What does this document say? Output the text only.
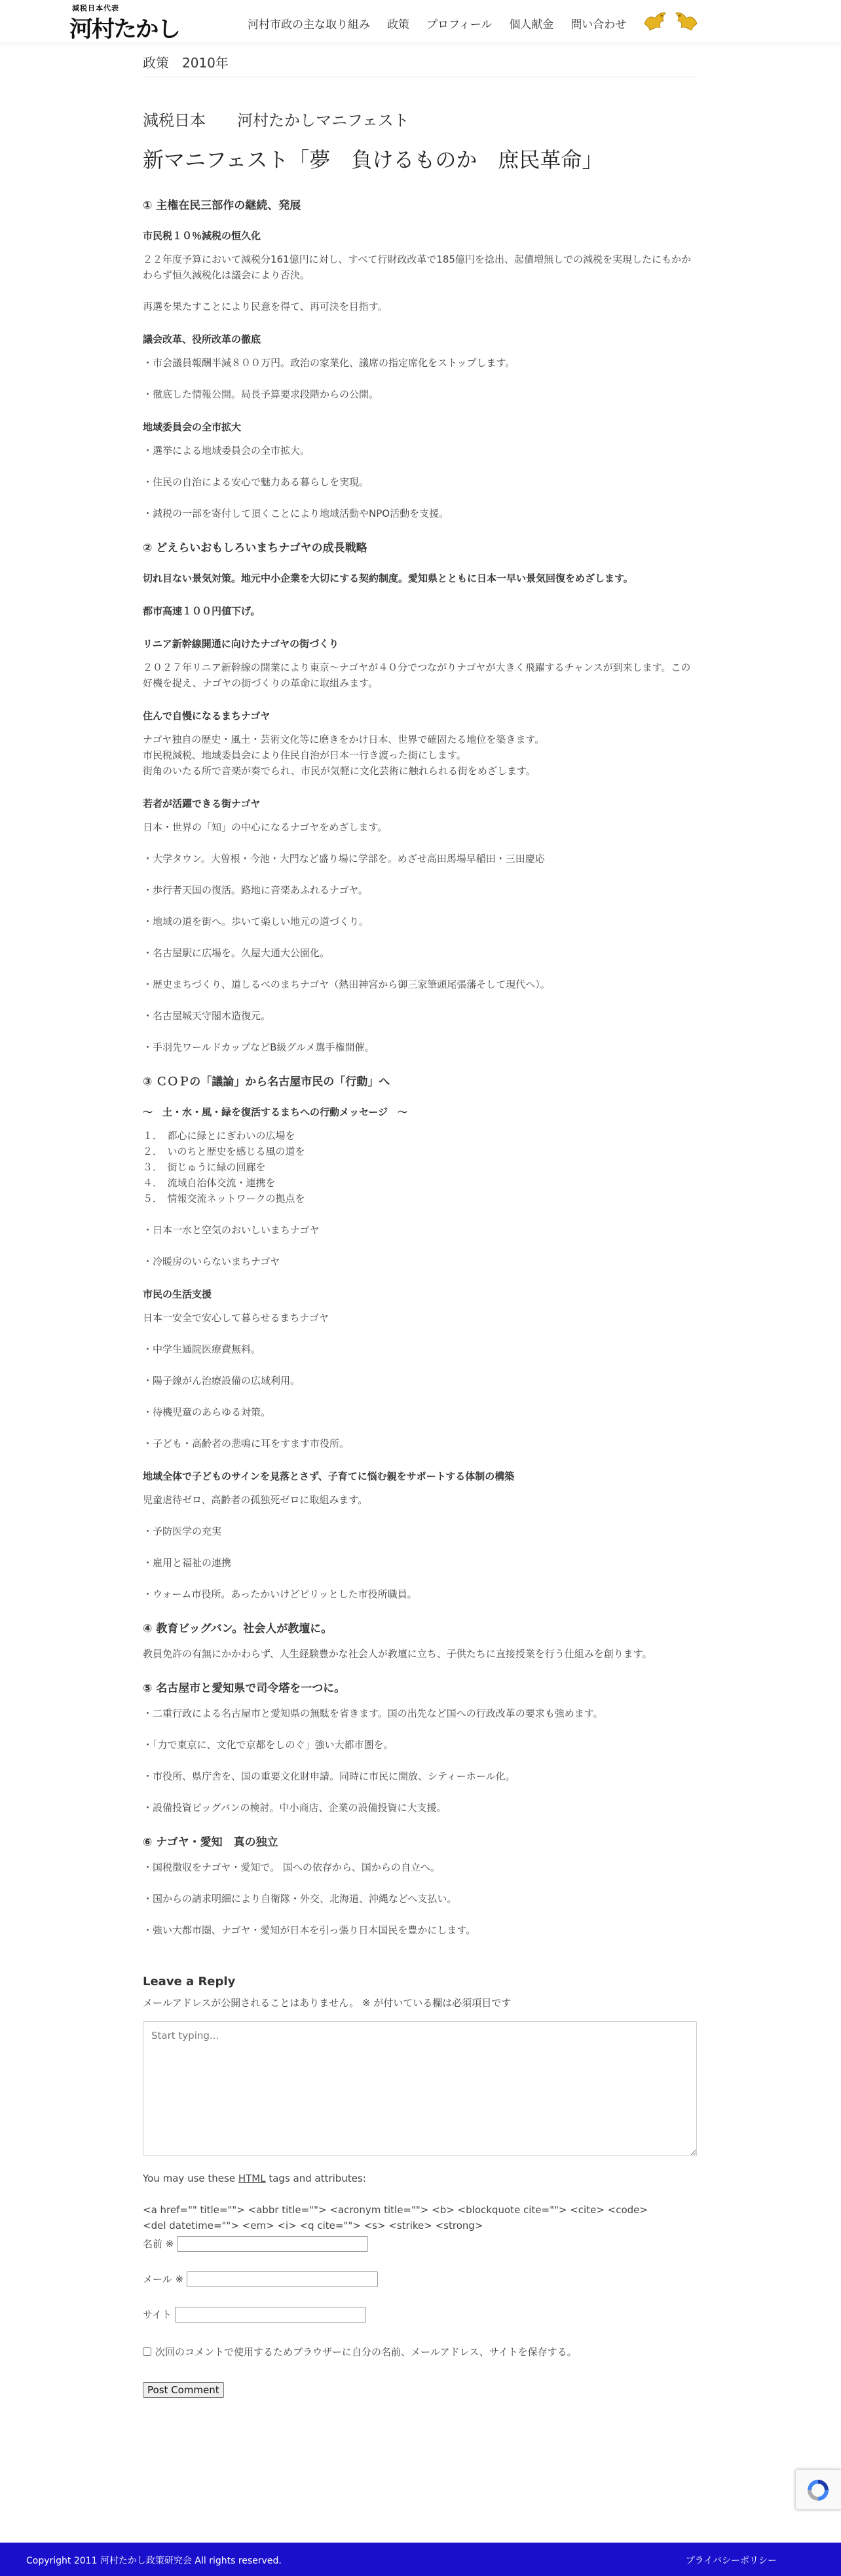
減税日本代表
河村たかし	河村市政の主な取り組み 政策 プロフィール 個人献金 問い合わせ
政策　2010年
減税日本　　河村たかしマニフェスト
新マニフェスト「夢　負けるものか　庶民革命」
① 主権在民三部作の継続、発展

市民税１０％減税の恒久化

２２年度予算において減税分161億円に対し、すべて行財政改革で185億円を捻出、起債増無しでの減税を実現したにもかかわらず恒久減税化は議会により否決。

再選を果たすことにより民意を得て、再可決を目指す。

議会改革、役所改革の徹底

・市会議員報酬半減８００万円。政治の家業化、議席の指定席化をストップします。

・徹底した情報公開。局長予算要求段階からの公開。

地域委員会の全市拡大

・選挙による地域委員会の全市拡大。

・住民の自治による安心で魅力ある暮らしを実現。

・減税の一部を寄付して頂くことにより地域活動やNPO活動を支援。

② どえらいおもしろいまちナゴヤの成長戦略

切れ目ない景気対策。地元中小企業を大切にする契約制度。愛知県とともに日本一早い景気回復をめざします。

都市高速１００円値下げ。

リニア新幹線開通に向けたナゴヤの街づくり

２０２７年リニア新幹線の開業により東京〜ナゴヤが４０分でつながりナゴヤが大きく飛躍するチャンスが到来します。この好機を捉え、ナゴヤの街づくりの革命に取組みます。

住んで自慢になるまちナゴヤ

ナゴヤ独自の歴史・風土・芸術文化等に磨きをかけ日本、世界で確固たる地位を築きます。

市民税減税、地域委員会により住民自治が日本一行き渡った街にします。

街角のいたる所で音楽が奏でられ、市民が気軽に文化芸術に触れられる街をめざします。

若者が活躍できる街ナゴヤ

日本・世界の「知」の中心になるナゴヤをめざします。

・大学タウン。大曽根・今池・大門など盛り場に学部を。めざせ高田馬場早稲田・三田慶応

・歩行者天国の復活。路地に音楽あふれるナゴヤ。

・地域の道を街へ。歩いて楽しい地元の道づくり。

・名古屋駅に広場を。久屋大通大公園化。

・歴史まちづくり、道しるべのまちナゴヤ（熱田神宮から御三家筆頭尾張藩そして現代へ）。

・名古屋城天守閣木造復元。

・手羽先ワールドカップなどB級グルメ選手権開催。

③ ＣＯＰの「議論」から名古屋市民の「行動」へ

〜　土・水・風・緑を復活するまちへの行動メッセージ　〜

１．　都心に緑とにぎわいの広場を

２．　いのちと歴史を感じる風の道を

３．　街じゅうに緑の回廊を

４．　流域自治体交流・連携を

５．　情報交流ネットワークの拠点を

・日本一水と空気のおいしいまちナゴヤ

・冷暖房のいらないまちナゴヤ

市民の生活支援

日本一安全で安心して暮らせるまちナゴヤ

・中学生通院医療費無料。

・陽子線がん治療設備の広域利用。

・待機児童のあらゆる対策。

・子ども・高齢者の悲鳴に耳をすます市役所。

地域全体で子どものサインを見落とさず、子育てに悩む親をサポートする体制の構築

児童虐待ゼロ、高齢者の孤独死ゼロに取組みます。

・予防医学の充実

・雇用と福祉の連携

・ウォーム市役所。あったかいけどピリッとした市役所職員。

④ 教育ビッグバン。社会人が教壇に。

教員免許の有無にかかわらず、人生経験豊かな社会人が教壇に立ち、子供たちに直接授業を行う仕組みを創ります。

⑤ 名古屋市と愛知県で司令塔を一つに。

・二重行政による名古屋市と愛知県の無駄を省きます。国の出先など国への行政改革の要求も強めます。

・「力で東京に、文化で京都をしのぐ」強い大都市圏を。

・市役所、県庁舎を、国の重要文化財申請。同時に市民に開放、シティーホール化。

・設備投資ビッグバンの検討。中小商店、企業の設備投資に大支援。

⑥ ナゴヤ・愛知　真の独立

・国税徴収をナゴヤ・愛知で。 国への依存から、国からの自立へ。

・国からの請求明細により自衛隊・外交、北海道、沖縄などへ支払い。

・強い大都市圏、ナゴヤ・愛知が日本を引っ張り日本国民を豊かにします。

Leave a Reply

メールアドレスが公開されることはありません。 ※ が付いている欄は必須項目です

Start typing...

You may use these HTML tags and attributes:

<a href="" title=""> <abbr title=""> <acronym title=""> <b> <blockquote cite=""> <cite> <code>

<del datetime=""> <em> <i> <q cite=""> <s> <strike> <strong>

名前 ※
メール ※
サイト
次回のコメントで使用するためブラウザーに自分の名前、メールアドレス、サイトを保存する。
Post Comment
Copyright 2011 河村たかし政策研究会 All rights reserved.	プライバシーポリシー
